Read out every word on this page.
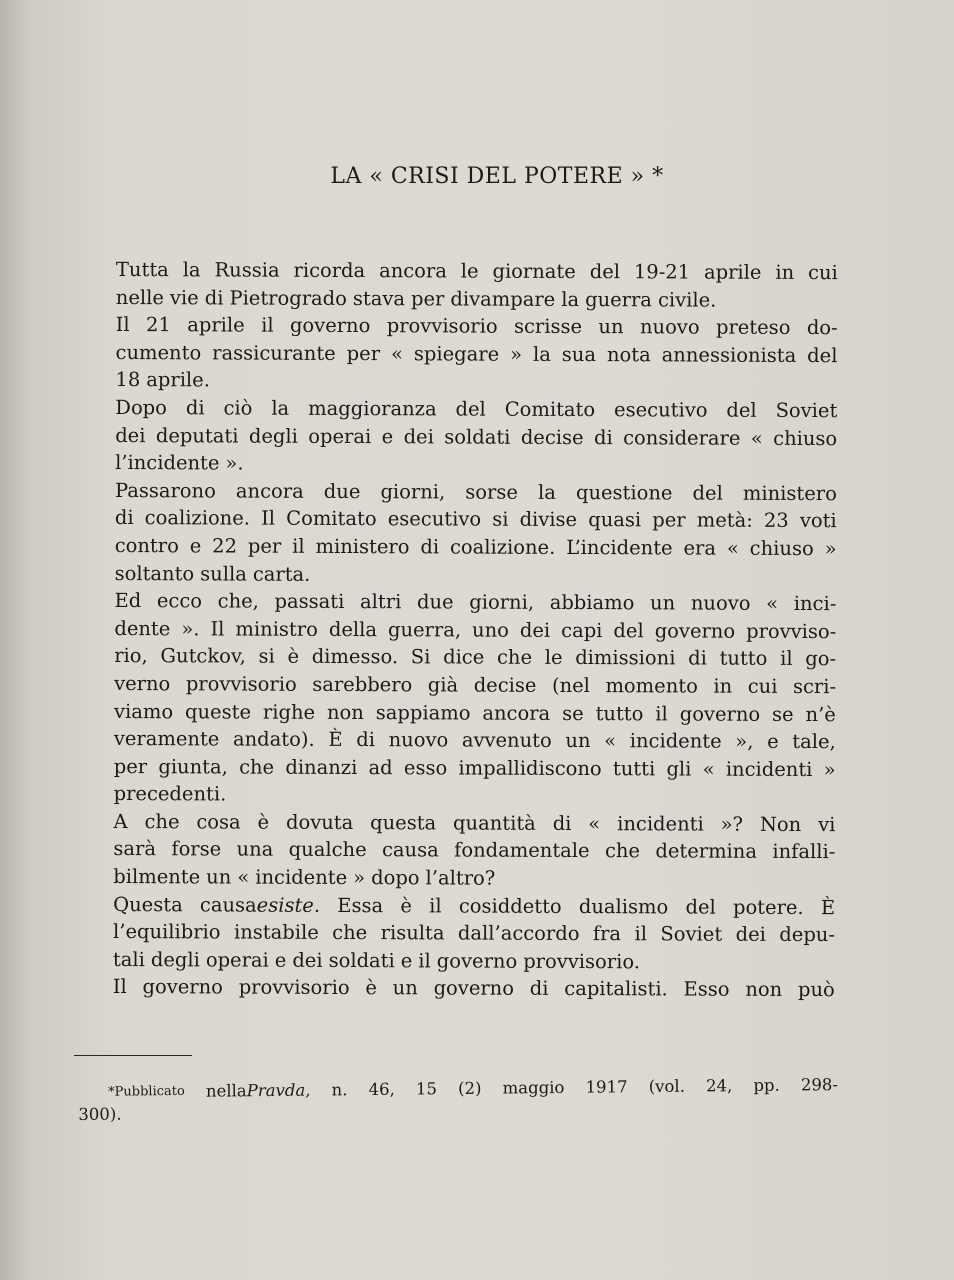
LA « CRISI DEL POTERE » *
Tutta la Russia ricorda ancora le giornate del 19-21 aprile in cui
nelle vie di Pietrogrado stava per divampare la guerra civile.
Il 21 aprile il governo provvisorio scrisse un nuovo preteso do-
cumento rassicurante per « spiegare » la sua nota annessionista del
18 aprile.
Dopo di ciò la maggioranza del Comitato esecutivo del Soviet
dei deputati degli operai e dei soldati decise di considerare « chiuso
l’incidente ».
Passarono ancora due giorni, sorse la questione del ministero
di coalizione. Il Comitato esecutivo si divise quasi per metà: 23 voti
contro e 22 per il ministero di coalizione. L’incidente era « chiuso »
soltanto sulla carta.
Ed ecco che, passati altri due giorni, abbiamo un nuovo « inci-
dente ». Il ministro della guerra, uno dei capi del governo provviso-
rio, Gutckov, si è dimesso. Si dice che le dimissioni di tutto il go-
verno provvisorio sarebbero già decise (nel momento in cui scri-
viamo queste righe non sappiamo ancora se tutto il governo se n’è
veramente andato). È di nuovo avvenuto un « incidente », e tale,
per giunta, che dinanzi ad esso impallidiscono tutti gli « incidenti »
precedenti.
A che cosa è dovuta questa quantità di « incidenti »? Non vi
sarà forse una qualche causa fondamentale che determina infalli-
bilmente un « incidente » dopo l’altro?
Questa causaesiste. Essa è il cosiddetto dualismo del potere. È
l’equilibrio instabile che risulta dall’accordo fra il Soviet dei depu-
tali degli operai e dei soldati e il governo provvisorio.
Il governo provvisorio è un governo di capitalisti. Esso non può
*Pubblicato nellaPravda, n. 46, 15 (2) maggio 1917 (vol. 24, pp. 298-
300).
